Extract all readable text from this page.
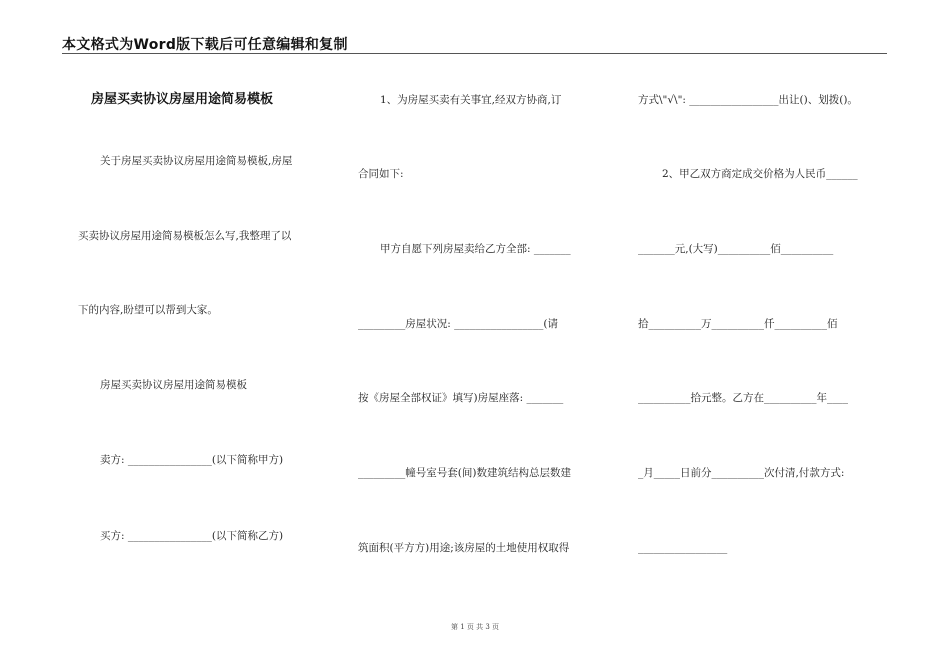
本文格式为Word版下载后可任意编辑和复制
房屋买卖协议房屋用途简易模板
关于房屋买卖协议房屋用途简易模板,房屋
买卖协议房屋用途简易模板怎么写,我整理了以
下的内容,盼望可以帮到大家。
房屋买卖协议房屋用途简易模板
卖方: ________________(以下简称甲方)
买方: ________________(以下简称乙方)
1、为房屋买卖有关事宜,经双方协商,订
合同如下:
甲方自愿下列房屋卖给乙方全部: _______
_________房屋状况: _________________(请
按《房屋全部权证》填写)房屋座落: _______
_________幢号室号套(间)数建筑结构总层数建
筑面积(平方方)用途;该房屋的土地使用权取得
方式\"√\": _________________出让()、划拨()。
2、甲乙双方商定成交价格为人民币______
_______元,(大写)__________佰__________
拾__________万__________仟__________佰
__________拾元整。乙方在__________年____
_月_____日前分__________次付清,付款方式:
_________________
第 1 页 共 3 页
